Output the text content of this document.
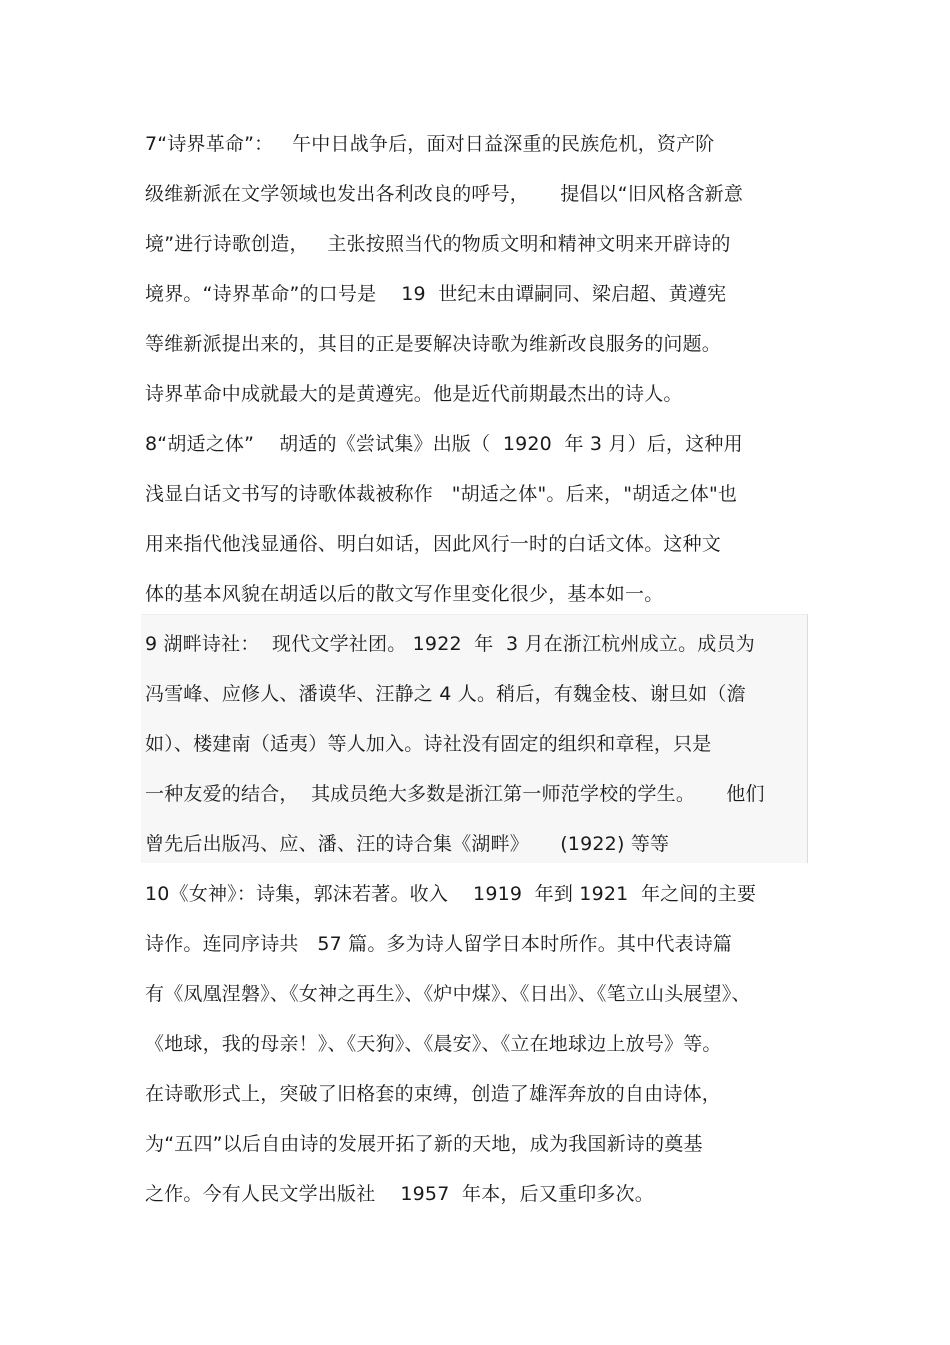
7“诗界革命”：   午中日战争后，面对日益深重的民族危机，资产阶
级维新派在文学领域也发出各利改良的呼号，     提倡以“旧风格含新意
境”进行诗歌创造，   主张按照当代的物质文明和精神文明来开辟诗的
境界。“诗界革命”的口号是    19  世纪末由谭嗣同、梁启超、黄遵宪
等维新派提出来的，其目的正是要解决诗歌为维新改良服务的问题。
诗界革命中成就最大的是黄遵宪。他是近代前期最杰出的诗人。
8“胡适之体”    胡适的《尝试集》出版（  1920  年 3 月）后，这种用
浅显白话文书写的诗歌体裁被称作   "胡适之体"。后来，"胡适之体"也
用来指代他浅显通俗、明白如话，因此风行一时的白话文体。这种文
体的基本风貌在胡适以后的散文写作里变化很少，基本如一。
9 湖畔诗社：  现代文学社团。 1922  年  3 月在浙江杭州成立。成员为
冯雪峰、应修人、潘谟华、汪静之 4 人。稍后，有魏金枝、谢旦如（澹
如）、楼建南（适夷）等人加入。诗社没有固定的组织和章程，只是
一种友爱的结合，  其成员绝大多数是浙江第一师范学校的学生。     他们
曾先后出版冯、应、潘、汪的诗合集《湖畔》     (1922) 等等
10《女神》：诗集，郭沫若著。收入    1919  年到 1921  年之间的主要
诗作。连同序诗共   57 篇。多为诗人留学日本时所作。其中代表诗篇
有《凤凰涅磐》、《女神之再生》、《炉中煤》、《日出》、《笔立山头展望》、
《地球，我的母亲！》、《天狗》、《晨安》、《立在地球边上放号》等。
在诗歌形式上，突破了旧格套的束缚，创造了雄浑奔放的自由诗体，
为“五四”以后自由诗的发展开拓了新的天地，成为我国新诗的奠基
之作。今有人民文学出版社    1957  年本，后又重印多次。
